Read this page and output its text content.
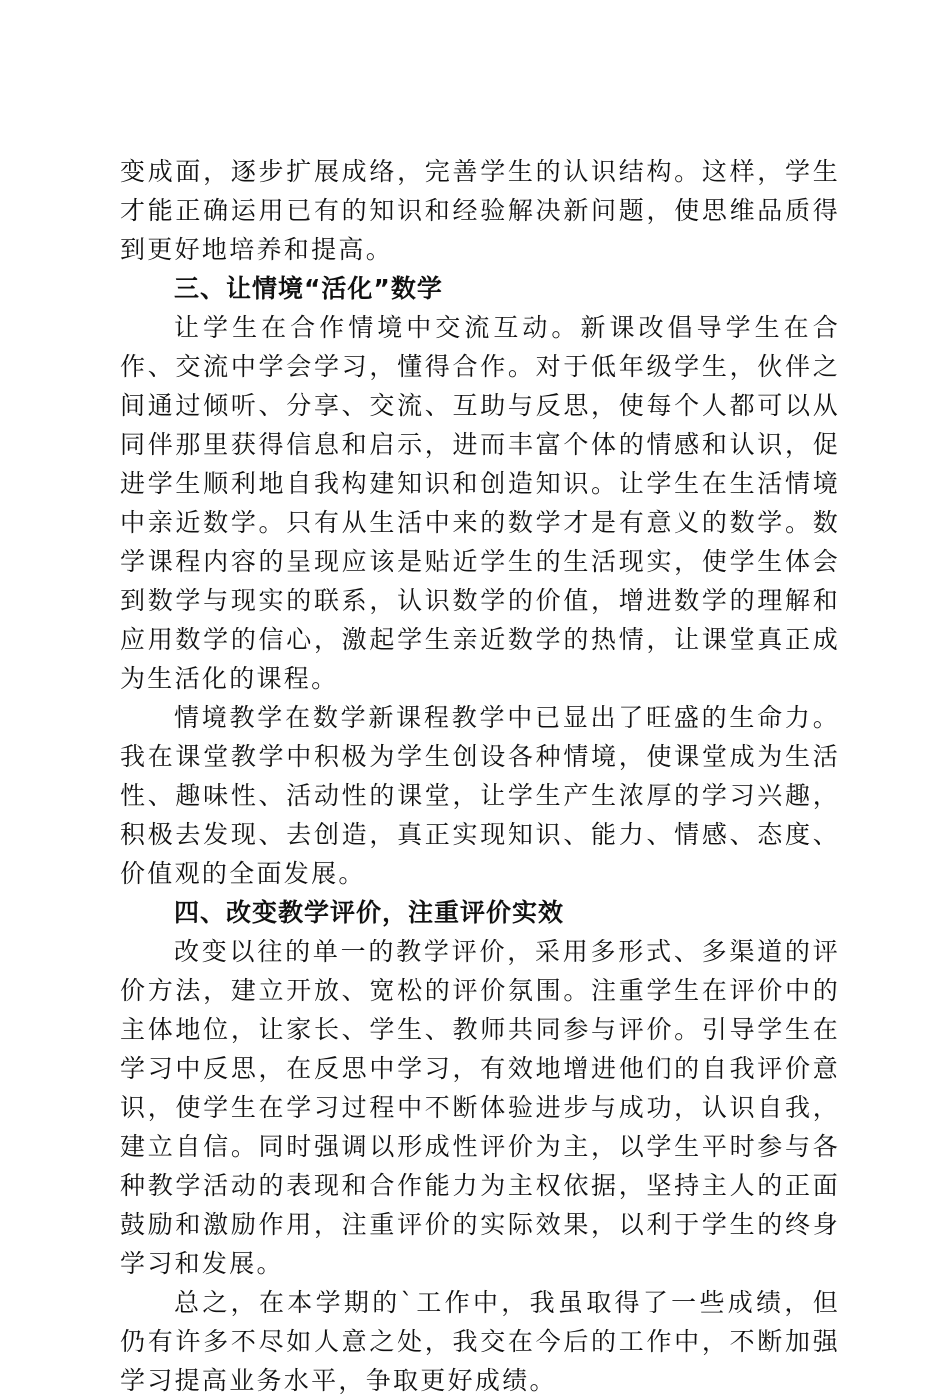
变成面，逐步扩展成络，完善学生的认识结构。这样，学生才能正确运用已有的知识和经验解决新问题，使思维品质得到更好地培养和提高。

三、让情境“活化”数学

让学生在合作情境中交流互动。新课改倡导学生在合作、交流中学会学习，懂得合作。对于低年级学生，伙伴之间通过倾听、分享、交流、互助与反思，使每个人都可以从同伴那里获得信息和启示，进而丰富个体的情感和认识，促进学生顺利地自我构建知识和创造知识。让学生在生活情境中亲近数学。只有从生活中来的数学才是有意义的数学。数学课程内容的呈现应该是贴近学生的生活现实，使学生体会到数学与现实的联系，认识数学的价值，增进数学的理解和应用数学的信心，激起学生亲近数学的热情，让课堂真正成为生活化的课程。

情境教学在数学新课程教学中已显出了旺盛的生命力。我在课堂教学中积极为学生创设各种情境，使课堂成为生活性、趣味性、活动性的课堂，让学生产生浓厚的学习兴趣，积极去发现、去创造，真正实现知识、能力、情感、态度、价值观的全面发展。

四、改变教学评价，注重评价实效

改变以往的单一的教学评价，采用多形式、多渠道的评价方法，建立开放、宽松的评价氛围。注重学生在评价中的主体地位，让家长、学生、教师共同参与评价。引导学生在学习中反思，在反思中学习，有效地增进他们的自我评价意识，使学生在学习过程中不断体验进步与成功，认识自我，建立自信。同时强调以形成性评价为主，以学生平时参与各种教学活动的表现和合作能力为主权依据，坚持主人的正面鼓励和激励作用，注重评价的实际效果，以利于学生的终身学习和发展。

总之，在本学期的`工作中，我虽取得了一些成绩，但仍有许多不尽如人意之处，我交在今后的工作中，不断加强学习提高业务水平，争取更好成绩。
